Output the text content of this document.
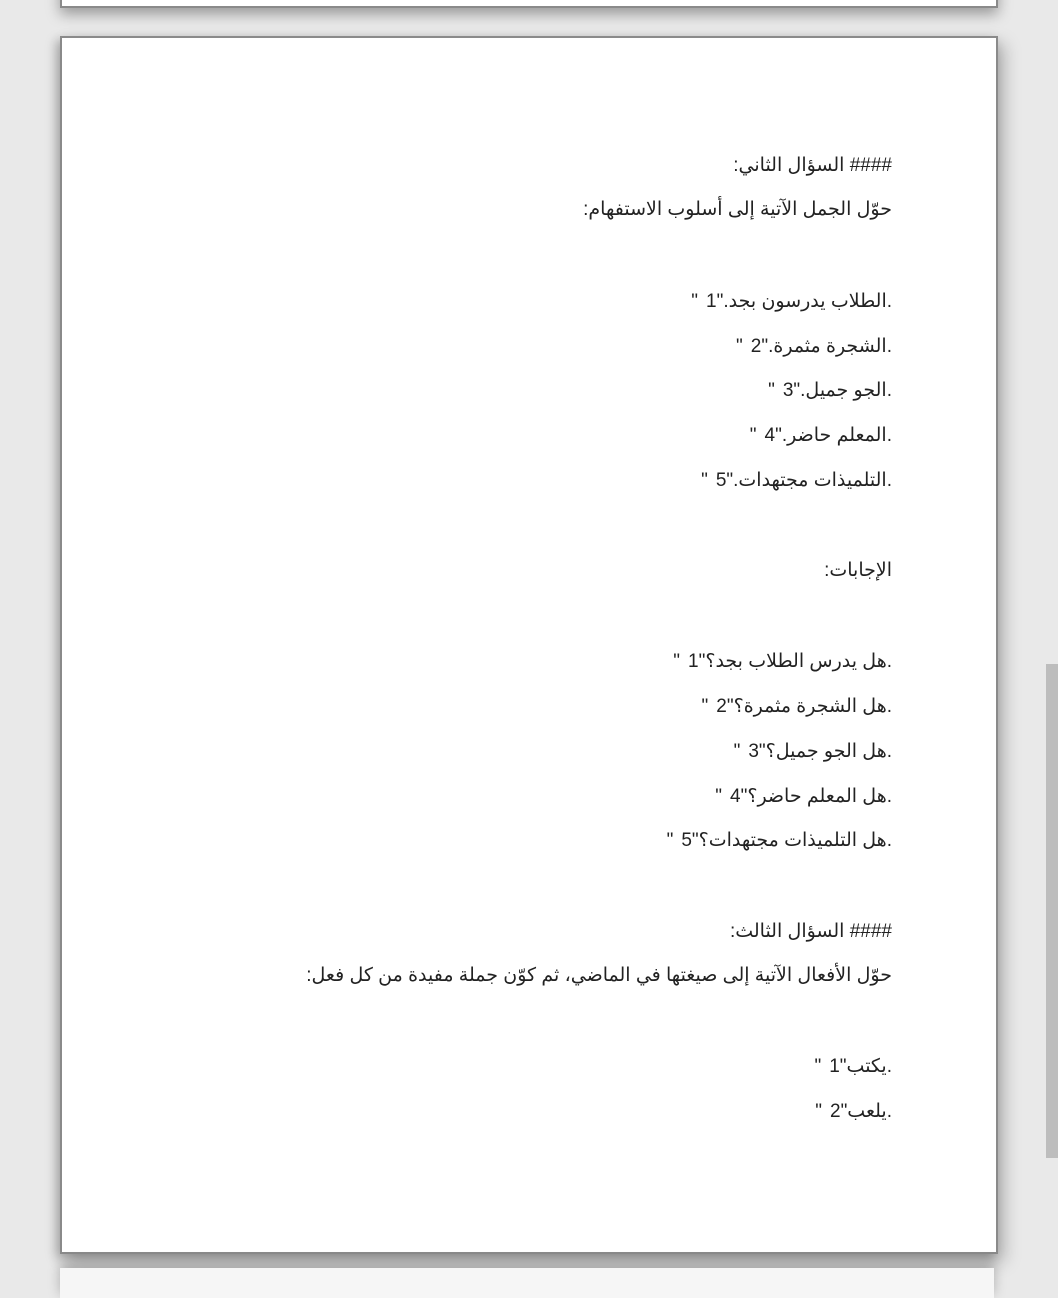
#### السؤال الثاني:
حوّل الجمل الآتية إلى أسلوب الاستفهام:
"الطلاب يدرسون بجد."1.
"الشجرة مثمرة."2.
"الجو جميل."3.
"المعلم حاضر."4.
"التلميذات مجتهدات."5.
الإجابات:
"هل يدرس الطلاب بجد؟"1.
"هل الشجرة مثمرة؟"2.
"هل الجو جميل؟"3.
"هل المعلم حاضر؟"4.
"هل التلميذات مجتهدات؟"5.
#### السؤال الثالث:
حوّل الأفعال الآتية إلى صيغتها في الماضي، ثم كوّن جملة مفيدة من كل فعل:
"يكتب"1.
"يلعب"2.
